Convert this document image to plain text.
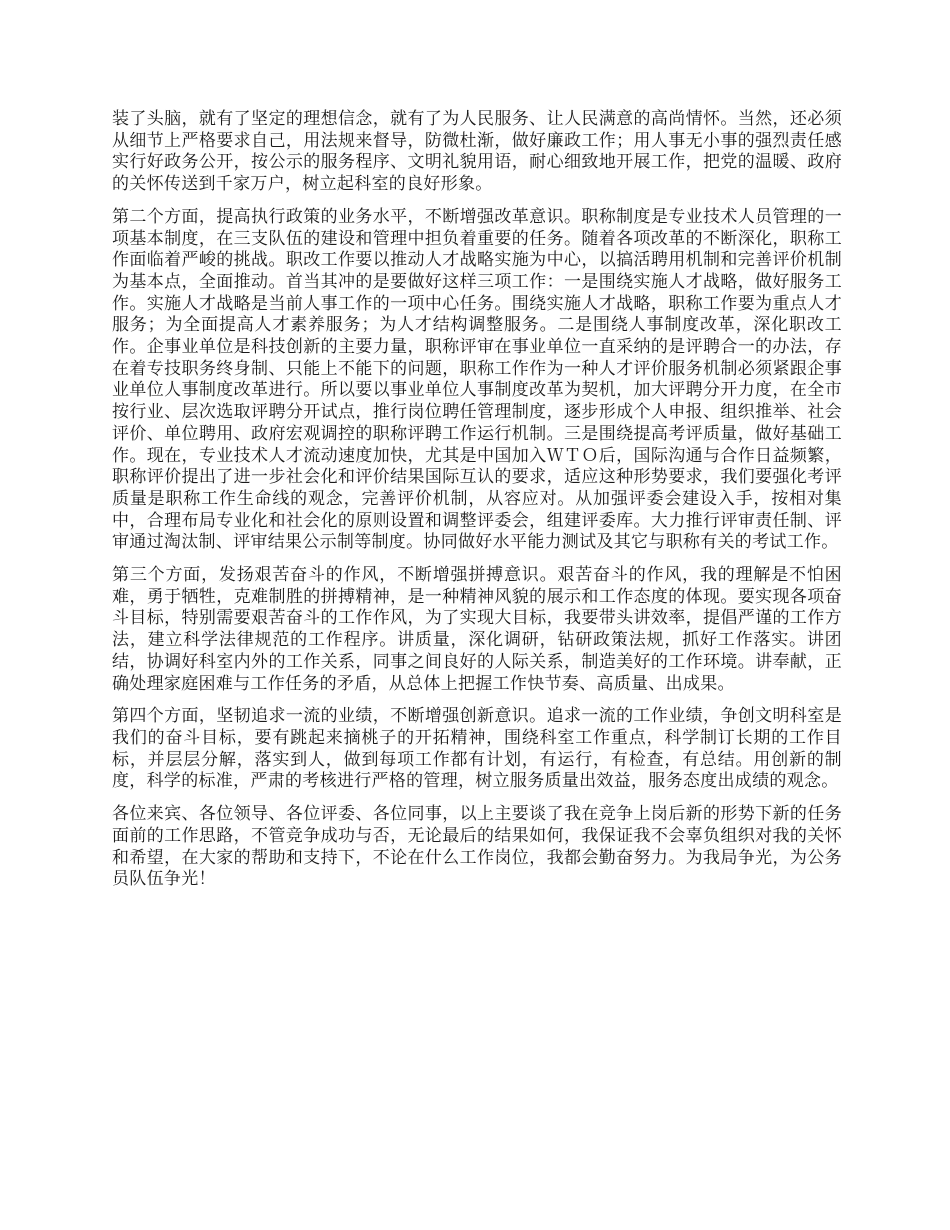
装了头脑，就有了坚定的理想信念，就有了为人民服务、让人民满意的高尚情怀。当然，还必须从细节上严格要求自己，用法规来督导，防微杜渐，做好廉政工作；用人事无小事的强烈责任感实行好政务公开，按公示的服务程序、文明礼貌用语，耐心细致地开展工作，把党的温暖、政府的关怀传送到千家万户，树立起科室的良好形象。

第二个方面，提高执行政策的业务水平，不断增强改革意识。职称制度是专业技术人员管理的一项基本制度，在三支队伍的建设和管理中担负着重要的任务。随着各项改革的不断深化，职称工作面临着严峻的挑战。职改工作要以推动人才战略实施为中心，以搞活聘用机制和完善评价机制为基本点，全面推动。首当其冲的是要做好这样三项工作：一是围绕实施人才战略，做好服务工作。实施人才战略是当前人事工作的一项中心任务。围绕实施人才战略，职称工作要为重点人才服务；为全面提高人才素养服务；为人才结构调整服务。二是围绕人事制度改革，深化职改工作。企事业单位是科技创新的主要力量，职称评审在事业单位一直采纳的是评聘合一的办法，存在着专技职务终身制、只能上不能下的问题，职称工作作为一种人才评价服务机制必须紧跟企事业单位人事制度改革进行。所以要以事业单位人事制度改革为契机，加大评聘分开力度，在全市按行业、层次选取评聘分开试点，推行岗位聘任管理制度，逐步形成个人申报、组织推举、社会评价、单位聘用、政府宏观调控的职称评聘工作运行机制。三是围绕提高考评质量，做好基础工作。现在，专业技术人才流动速度加快，尤其是中国加入ＷＴＯ后，国际沟通与合作日益频繁，职称评价提出了进一步社会化和评价结果国际互认的要求，适应这种形势要求，我们要强化考评质量是职称工作生命线的观念，完善评价机制，从容应对。从加强评委会建设入手，按相对集中，合理布局专业化和社会化的原则设置和调整评委会，组建评委库。大力推行评审责任制、评审通过淘汰制、评审结果公示制等制度。协同做好水平能力测试及其它与职称有关的考试工作。

第三个方面，发扬艰苦奋斗的作风，不断增强拼搏意识。艰苦奋斗的作风，我的理解是不怕困难，勇于牺牲，克难制胜的拼搏精神，是一种精神风貌的展示和工作态度的体现。要实现各项奋斗目标，特别需要艰苦奋斗的工作作风，为了实现大目标，我要带头讲效率，提倡严谨的工作方法，建立科学法律规范的工作程序。讲质量，深化调研，钻研政策法规，抓好工作落实。讲团结，协调好科室内外的工作关系，同事之间良好的人际关系，制造美好的工作环境。讲奉献，正确处理家庭困难与工作任务的矛盾，从总体上把握工作快节奏、高质量、出成果。

第四个方面，坚韧追求一流的业绩，不断增强创新意识。追求一流的工作业绩，争创文明科室是我们的奋斗目标，要有跳起来摘桃子的开拓精神，围绕科室工作重点，科学制订长期的工作目标，并层层分解，落实到人，做到每项工作都有计划，有运行，有检查，有总结。用创新的制度，科学的标准，严肃的考核进行严格的管理，树立服务质量出效益，服务态度出成绩的观念。

各位来宾、各位领导、各位评委、各位同事，以上主要谈了我在竞争上岗后新的形势下新的任务面前的工作思路，不管竞争成功与否，无论最后的结果如何，我保证我不会辜负组织对我的关怀和希望，在大家的帮助和支持下，不论在什么工作岗位，我都会勤奋努力。为我局争光，为公务员队伍争光！
